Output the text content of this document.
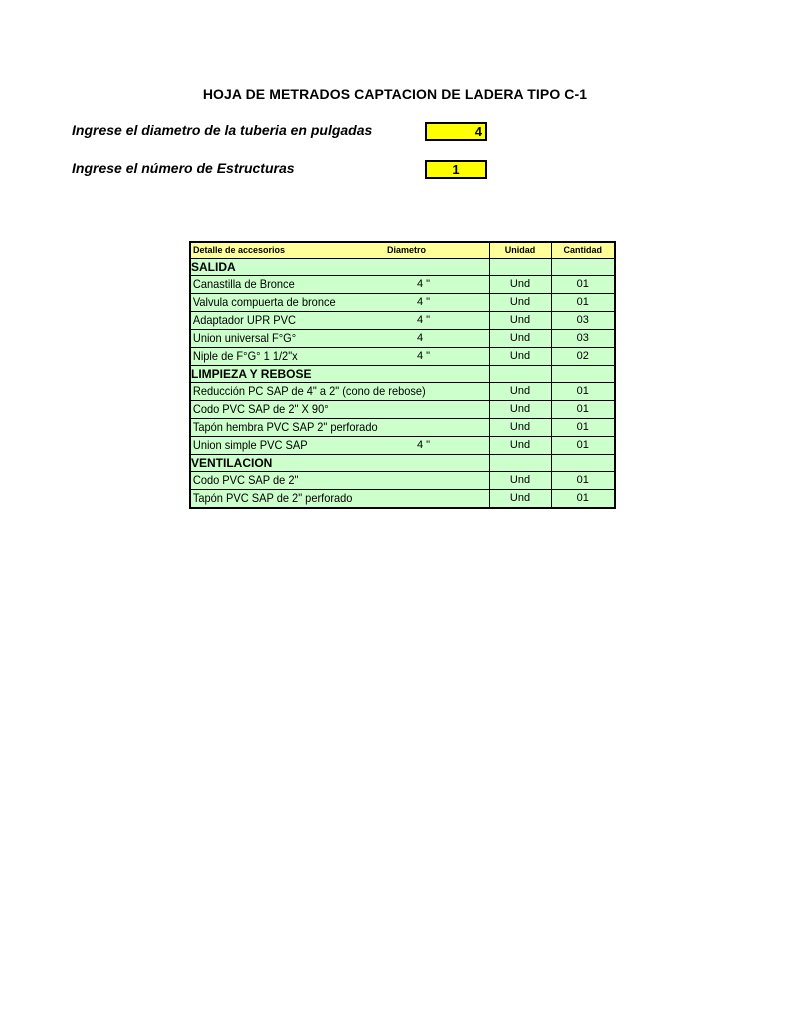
HOJA DE METRADOS CAPTACION DE LADERA TIPO C-1
Ingrese el diametro de la tuberia en pulgadas	4
Ingrese el número de Estructuras	1
Detalle de accesorios Diametro	Unidad	Cantidad
SALIDA		

Canastilla de Bronce 4 "	Und	01

Valvula compuerta de bronce 4 "	Und	01

Adaptador UPR PVC 4 "	Und	03

Union universal F°G° 4	Und	03

Niple de F°G° 1 1/2"x 4 "	Und	02
LIMPIEZA Y REBOSE		

Reducción PC SAP de 4" a 2" (cono de rebose)	Und	01

Codo PVC SAP de 2" X 90°	Und	01

Tapón hembra PVC SAP 2" perforado	Und	01

Union simple PVC SAP 4 "	Und	01
VENTILACION		

Codo PVC SAP de 2"	Und	01

Tapón PVC SAP de 2" perforado	Und	01
